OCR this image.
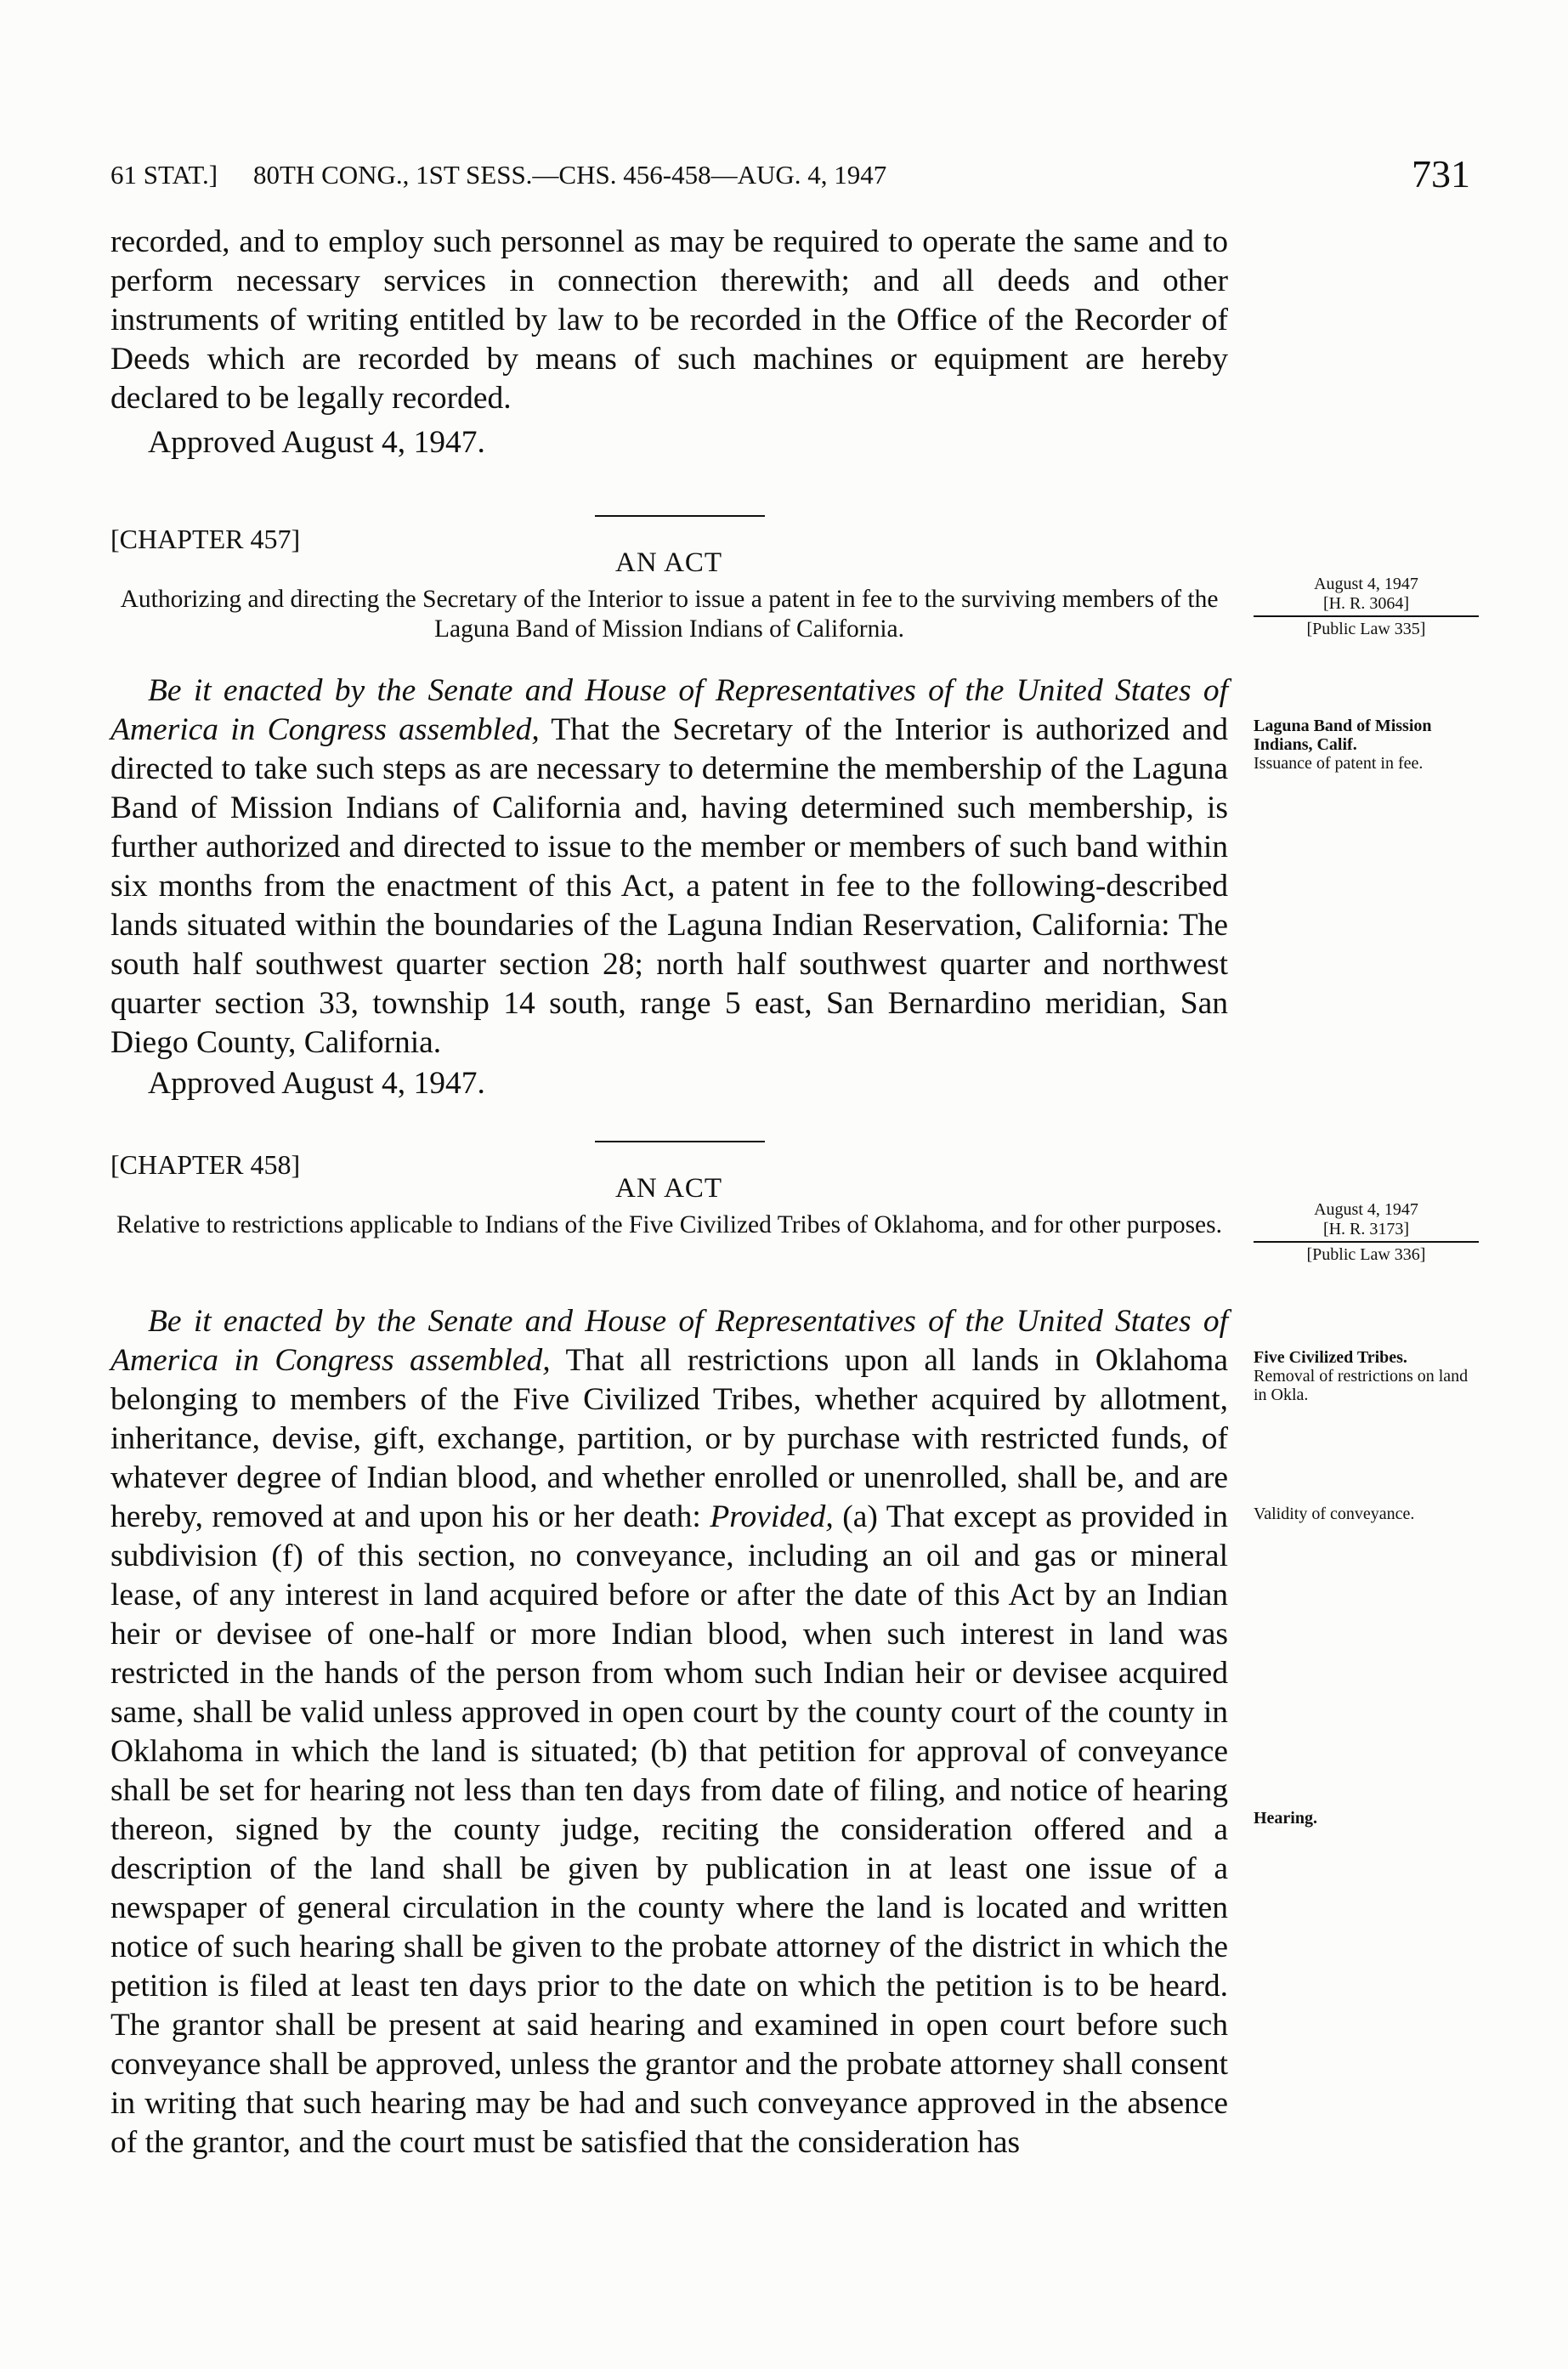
61 STAT.] 80TH CONG., 1ST SESS.—CHS. 456-458—AUG. 4, 1947	731

recorded, and to employ such personnel as may be required to operate the same and to perform necessary services in connection therewith; and all deeds and other instruments of writing entitled by law to be recorded in the Office of the Recorder of Deeds which are recorded by means of such machines or equipment are hereby declared to be legally recorded.

Approved August 4, 1947.

[CHAPTER 457]
AN ACT
Authorizing and directing the Secretary of the Interior to issue a patent in fee to the surviving members of the Laguna Band of Mission Indians of California.
August 4, 1947
[H. R. 3064]
[Public Law 335]

Be it enacted by the Senate and House of Representatives of the United States of America in Congress assembled, That the Secretary of the Interior is authorized and directed to take such steps as are necessary to determine the membership of the Laguna Band of Mission Indians of California and, having determined such membership, is further authorized and directed to issue to the member or members of such band within six months from the enactment of this Act, a patent in fee to the following-described lands situated within the boundaries of the Laguna Indian Reservation, California: The south half southwest quarter section 28; north half southwest quarter and northwest quarter section 33, township 14 south, range 5 east, San Bernardino meridian, San Diego County, California.

Approved August 4, 1947.

Laguna Band of Mission Indians, Calif.
Issuance of patent in fee.
[CHAPTER 458]
AN ACT
Relative to restrictions applicable to Indians of the Five Civilized Tribes of Oklahoma, and for other purposes.
August 4, 1947
[H. R. 3173]
[Public Law 336]

Be it enacted by the Senate and House of Representatives of the United States of America in Congress assembled, That all restrictions upon all lands in Oklahoma belonging to members of the Five Civilized Tribes, whether acquired by allotment, inheritance, devise, gift, exchange, partition, or by purchase with restricted funds, of whatever degree of Indian blood, and whether enrolled or unenrolled, shall be, and are hereby, removed at and upon his or her death: Provided, (a) That except as provided in subdivision (f) of this section, no conveyance, including an oil and gas or mineral lease, of any interest in land acquired before or after the date of this Act by an Indian heir or devisee of one-half or more Indian blood, when such interest in land was restricted in the hands of the person from whom such Indian heir or devisee acquired same, shall be valid unless approved in open court by the county court of the county in Oklahoma in which the land is situated; (b) that petition for approval of conveyance shall be set for hearing not less than ten days from date of filing, and notice of hearing thereon, signed by the county judge, reciting the consideration offered and a description of the land shall be given by publication in at least one issue of a newspaper of general circulation in the county where the land is located and written notice of such hearing shall be given to the probate attorney of the district in which the petition is filed at least ten days prior to the date on which the petition is to be heard. The grantor shall be present at said hearing and examined in open court before such conveyance shall be approved, unless the grantor and the probate attorney shall consent in writing that such hearing may be had and such conveyance approved in the absence of the grantor, and the court must be satisfied that the consideration has

Five Civilized Tribes.
Removal of restrictions on land in Okla.
Validity of conveyance.
Hearing.
